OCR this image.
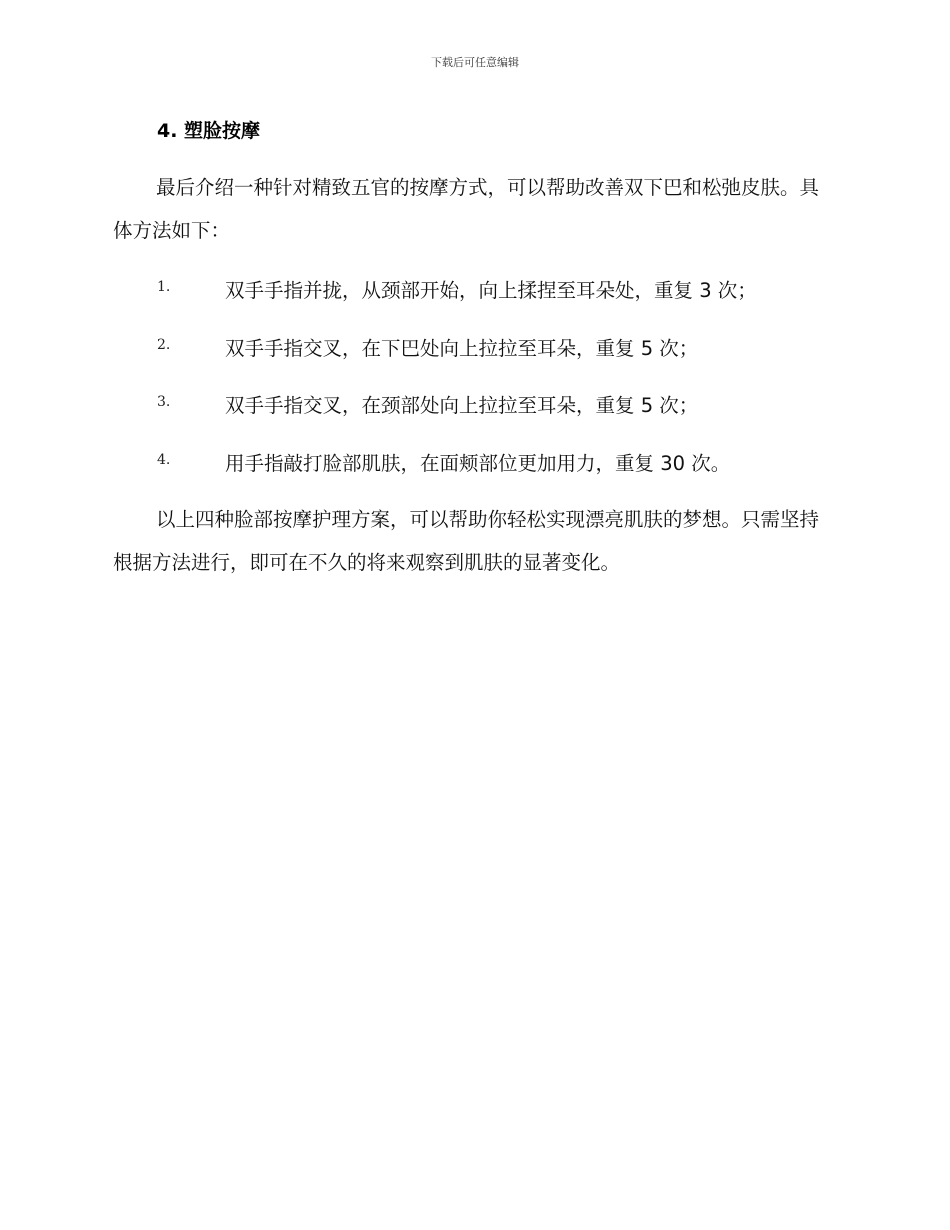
下载后可任意编辑
4. 塑脸按摩

最后介绍一种针对精致五官的按摩方式，可以帮助改善双下巴和松弛皮肤。具体方法如下：

1.	双手手指并拢，从颈部开始，向上揉捏至耳朵处，重复 3 次；
2.	双手手指交叉，在下巴处向上拉拉至耳朵，重复 5 次；
3.	双手手指交叉，在颈部处向上拉拉至耳朵，重复 5 次；
4.	用手指敲打脸部肌肤，在面颊部位更加用力，重复 30 次。

以上四种脸部按摩护理方案，可以帮助你轻松实现漂亮肌肤的梦想。只需坚持根据方法进行，即可在不久的将来观察到肌肤的显著变化。
